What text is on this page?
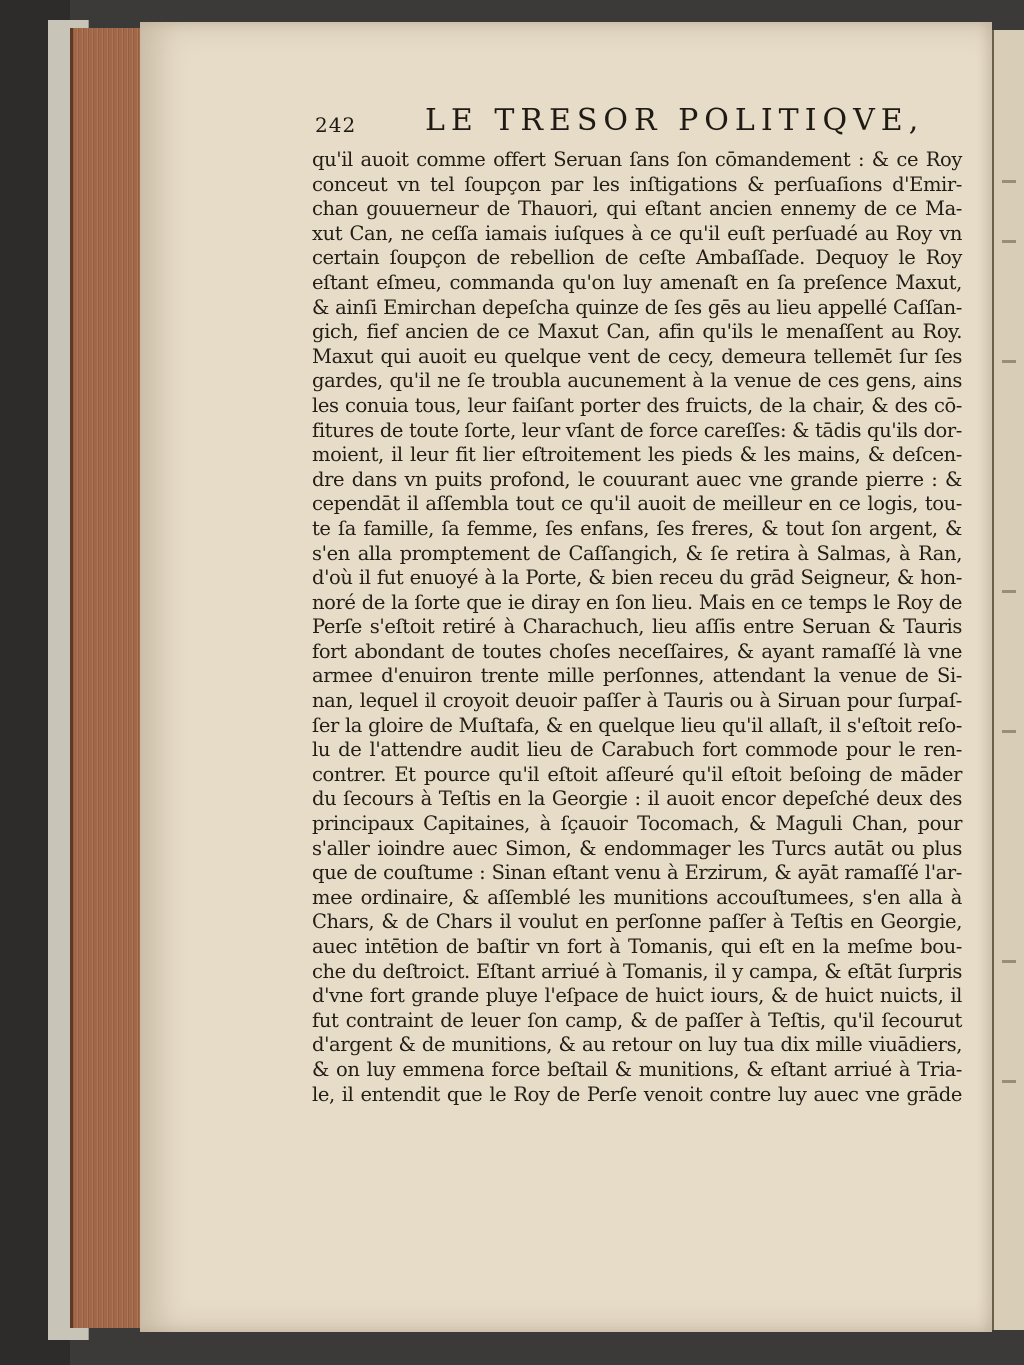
242 LE TRESOR POLITIQVE,
qu'il auoit comme offert Seruan ſans ſon cōmandement : & ce Roy
conceut vn tel ſoupçon par les inſtigations & perſuaſions d'Emir-
chan gouuerneur de Thauori, qui eſtant ancien ennemy de ce Ma-
xut Can, ne ceſſa iamais iuſques à ce qu'il euſt perſuadé au Roy vn
certain ſoupçon de rebellion de ceſte Ambaſſade. Dequoy le Roy
eſtant eſmeu, commanda qu'on luy amenaſt en ſa preſence Maxut,
& ainſi Emirchan depeſcha quinze de ſes gēs au lieu appellé Caſſan-
gich, fief ancien de ce Maxut Can, afin qu'ils le menaſſent au Roy.
Maxut qui auoit eu quelque vent de cecy, demeura tellemēt ſur ſes
gardes, qu'il ne ſe troubla aucunement à la venue de ces gens, ains
les conuia tous, leur faiſant porter des fruicts, de la chair, & des cō-
fitures de toute ſorte, leur vſant de force careſſes: & tādis qu'ils dor-
moient, il leur fit lier eſtroitement les pieds & les mains, & deſcen-
dre dans vn puits profond, le couurant auec vne grande pierre : &
cependāt il aſſembla tout ce qu'il auoit de meilleur en ce logis, tou-
te ſa famille, ſa femme, ſes enfans, ſes freres, & tout ſon argent, &
s'en alla promptement de Caſſangich, & ſe retira à Salmas, à Ran,
d'où il fut enuoyé à la Porte, & bien receu du grād Seigneur, & hon-
noré de la ſorte que ie diray en ſon lieu. Mais en ce temps le Roy de
Perſe s'eſtoit retiré à Charachuch, lieu aſſis entre Seruan & Tauris
fort abondant de toutes choſes neceſſaires, & ayant ramaſſé là vne
armee d'enuiron trente mille perſonnes, attendant la venue de Si-
nan, lequel il croyoit deuoir paſſer à Tauris ou à Siruan pour ſurpaſ-
ſer la gloire de Muſtafa, & en quelque lieu qu'il allaſt, il s'eſtoit reſo-
lu de l'attendre audit lieu de Carabuch fort commode pour le ren-
contrer. Et pource qu'il eſtoit aſſeuré qu'il eſtoit beſoing de māder
du ſecours à Teſtis en la Georgie : il auoit encor depeſché deux des
principaux Capitaines, à ſçauoir Tocomach, & Maguli Chan, pour
s'aller ioindre auec Simon, & endommager les Turcs autāt ou plus
que de couſtume : Sinan eſtant venu à Erzirum, & ayāt ramaſſé l'ar-
mee ordinaire, & aſſemblé les munitions accouſtumees, s'en alla à
Chars, & de Chars il voulut en perſonne paſſer à Teſtis en Georgie,
auec intētion de baſtir vn fort à Tomanis, qui eſt en la meſme bou-
che du deſtroict. Eſtant arriué à Tomanis, il y campa, & eſtāt ſurpris
d'vne fort grande pluye l'eſpace de huict iours, & de huict nuicts, il
fut contraint de leuer ſon camp, & de paſſer à Teſtis, qu'il ſecourut
d'argent & de munitions, & au retour on luy tua dix mille viuādiers,
& on luy emmena force beſtail & munitions, & eſtant arriué à Tria-
le, il entendit que le Roy de Perſe venoit contre luy auec vne grāde
